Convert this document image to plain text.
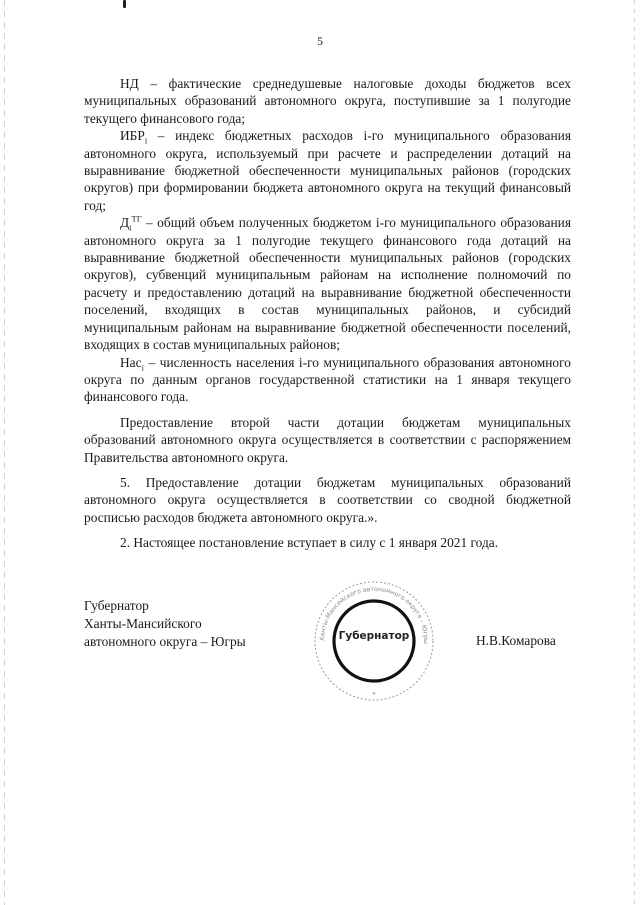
5

НД – фактические среднедушевые налоговые доходы бюджетов всех муниципальных образований автономного округа, поступившие за 1 полугодие текущего финансового года;

$ИБР_i$ – индекс бюджетных расходов i-го муниципального образования автономного округа, используемый при расчете и распределении дотаций на выравнивание бюджетной обеспеченности муниципальных районов (городских округов) при формировании бюджета автономного округа на текущий финансовый год;

$Д_i^{ТГ}$ – общий объем полученных бюджетом i-го муниципального образования автономного округа за 1 полугодие текущего финансового года дотаций на выравнивание бюджетной обеспеченности муниципальных районов (городских округов), субвенций муниципальным районам на исполнение полномочий по расчету и предоставлению дотаций на выравнивание бюджетной обеспеченности поселений, входящих в состав муниципальных районов, и субсидий муниципальным районам на выравнивание бюджетной обеспеченности поселений, входящих в состав муниципальных районов;

Нас$_i$ – численность населения i-го муниципального образования автономного округа по данным органов государственной статистики на 1 января текущего финансового года.

Предоставление второй части дотации бюджетам муниципальных образований автономного округа осуществляется в соответствии с распоряжением Правительства автономного округа.

5. Предоставление дотации бюджетам муниципальных образований автономного округа осуществляется в соответствии со сводной бюджетной росписью расходов бюджета автономного округа.».

2. Настоящее постановление вступает в силу с 1 января 2021 года.

Губернатор
Ханты-Мансийского
автономного округа – Югры	Ханты-Мансийского автономного округа – Югры
*
Губернатор	Н.В.Комарова
